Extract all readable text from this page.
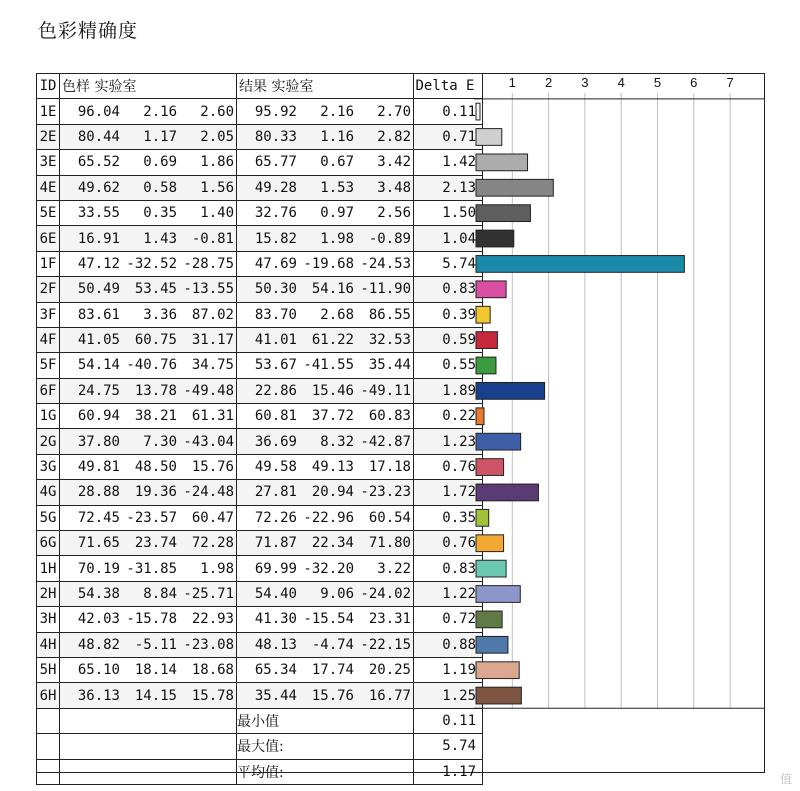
色彩精确度
ID	色样 实验室	结果 实验室	Delta E
1E	96.04 2.16 2.60	95.92 2.16 2.70	0.11
2E	80.44 1.17 2.05	80.33 1.16 2.82	0.71
3E	65.52 0.69 1.86	65.77 0.67 3.42	1.42
4E	49.62 0.58 1.56	49.28 1.53 3.48	2.13
5E	33.55 0.35 1.40	32.76 0.97 2.56	1.50
6E	16.91 1.43 -0.81	15.82 1.98 -0.89	1.04
1F	47.12 -32.52 -28.75	47.69 -19.68 -24.53	5.74
2F	50.49 53.45 -13.55	50.30 54.16 -11.90	0.83
3F	83.61 3.36 87.02	83.70 2.68 86.55	0.39
4F	41.05 60.75 31.17	41.01 61.22 32.53	0.59
5F	54.14 -40.76 34.75	53.67 -41.55 35.44	0.55
6F	24.75 13.78 -49.48	22.86 15.46 -49.11	1.89
1G	60.94 38.21 61.31	60.81 37.72 60.83	0.22
2G	37.80 7.30 -43.04	36.69 8.32 -42.87	1.23
3G	49.81 48.50 15.76	49.58 49.13 17.18	0.76
4G	28.88 19.36 -24.48	27.81 20.94 -23.23	1.72
5G	72.45 -23.57 60.47	72.26 -22.96 60.54	0.35
6G	71.65 23.74 72.28	71.87 22.34 71.80	0.76
1H	70.19 -31.85 1.98	69.99 -32.20 3.22	0.83
2H	54.38 8.84 -25.71	54.40 9.06 -24.02	1.22
3H	42.03 -15.78 22.93	41.30 -15.54 23.31	0.72
4H	48.82 -5.11 -23.08	48.13 -4.74 -22.15	0.88
5H	65.10 18.14 18.68	65.34 17.74 20.25	1.19
6H	36.13 14.15 15.78	35.44 15.76 16.77	1.25
		最小值	0.11
		最大值:	5.74
		平均值:	1.17
1 2 3 4 5 6 7
值
